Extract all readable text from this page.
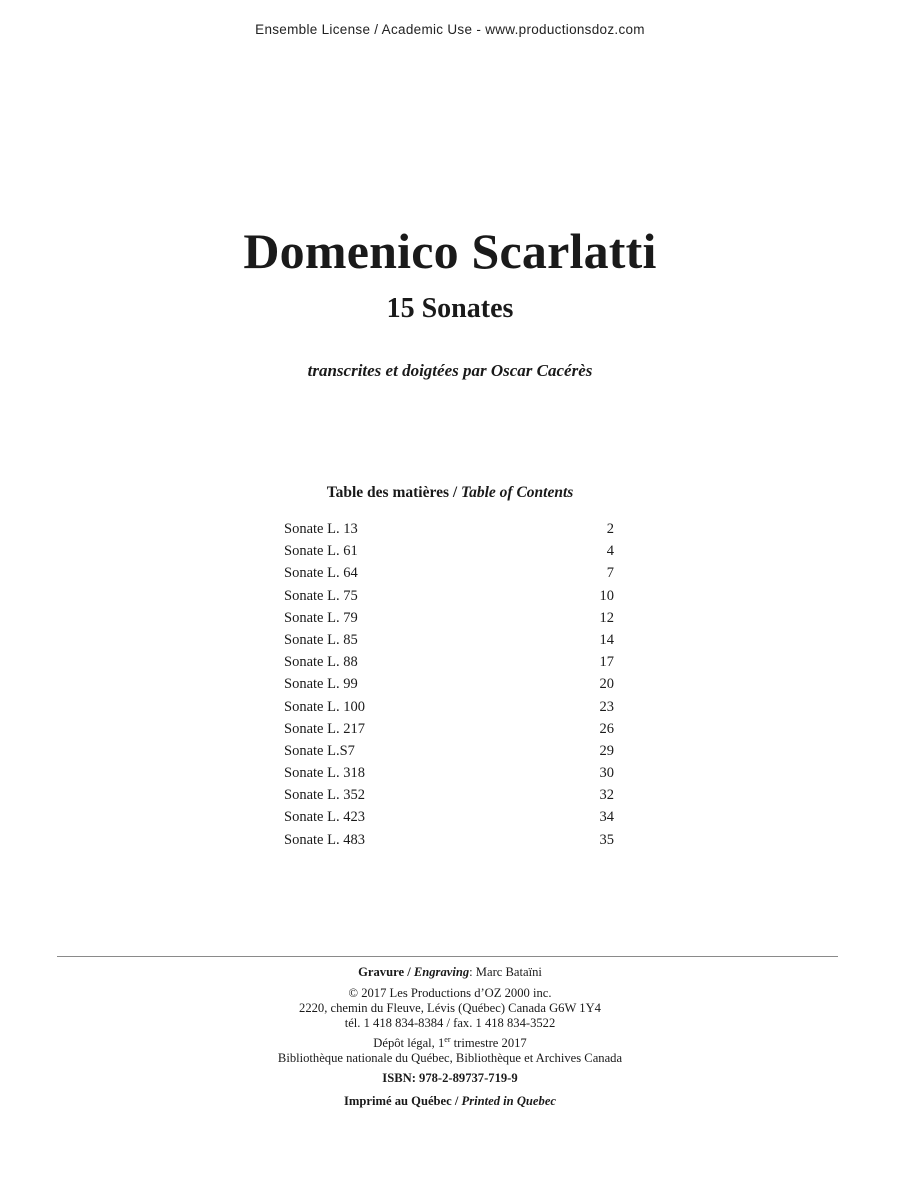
Ensemble License / Academic Use - www.productionsdoz.com
Domenico Scarlatti
15 Sonates
transcrites et doigtées par Oscar Cacérès
Table des matières / Table of Contents
Sonate L. 13	2
Sonate L. 61	4
Sonate L. 64	7
Sonate L. 75	10
Sonate L. 79	12
Sonate L. 85	14
Sonate L. 88	17
Sonate L. 99	20
Sonate L. 100	23
Sonate L. 217	26
Sonate L.S7	29
Sonate L. 318	30
Sonate L. 352	32
Sonate L. 423	34
Sonate L. 483	35
Gravure / Engraving: Marc Bataïni
© 2017 Les Productions d’OZ 2000 inc.
2220, chemin du Fleuve, Lévis (Québec) Canada G6W 1Y4
tél. 1 418 834-8384 / fax. 1 418 834-3522
Dépôt légal, 1er trimestre 2017
Bibliothèque nationale du Québec, Bibliothèque et Archives Canada
ISBN: 978-2-89737-719-9
Imprimé au Québec / Printed in Quebec
